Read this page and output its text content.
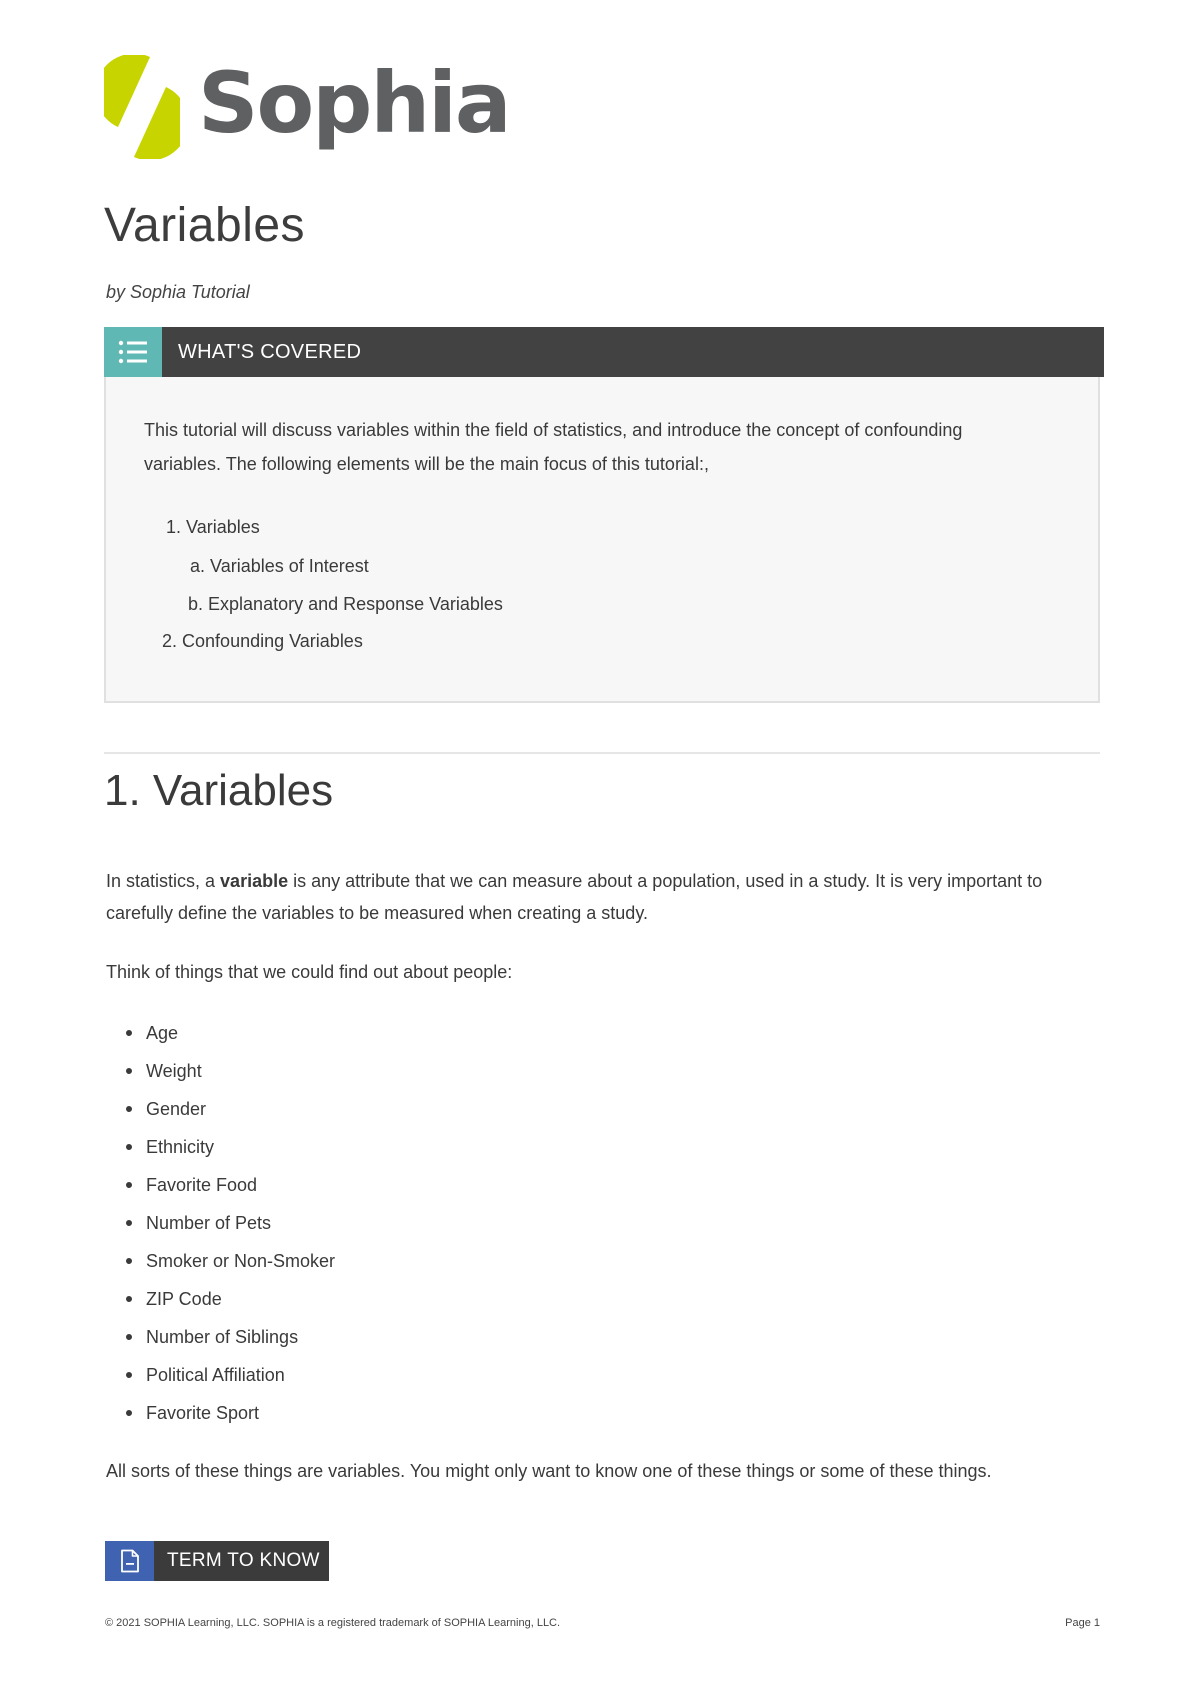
Sophia
Variables
by Sophia Tutorial
WHAT'S COVERED

This tutorial will discuss variables within the field of statistics, and introduce the concept of confounding variables. The following elements will be the main focus of this tutorial:,

1. Variables
a. Variables of Interest
b. Explanatory and Response Variables
2. Confounding Variables
1. Variables

In statistics, a variable is any attribute that we can measure about a population, used in a study. It is very important to carefully define the variables to be measured when creating a study.

Think of things that we could find out about people:

Age
Weight
Gender
Ethnicity
Favorite Food
Number of Pets
Smoker or Non-Smoker
ZIP Code
Number of Siblings
Political Affiliation
Favorite Sport

All sorts of these things are variables. You might only want to know one of these things or some of these things.

TERM TO KNOW
© 2021 SOPHIA Learning, LLC. SOPHIA is a registered trademark of SOPHIA Learning, LLC.	Page 1
